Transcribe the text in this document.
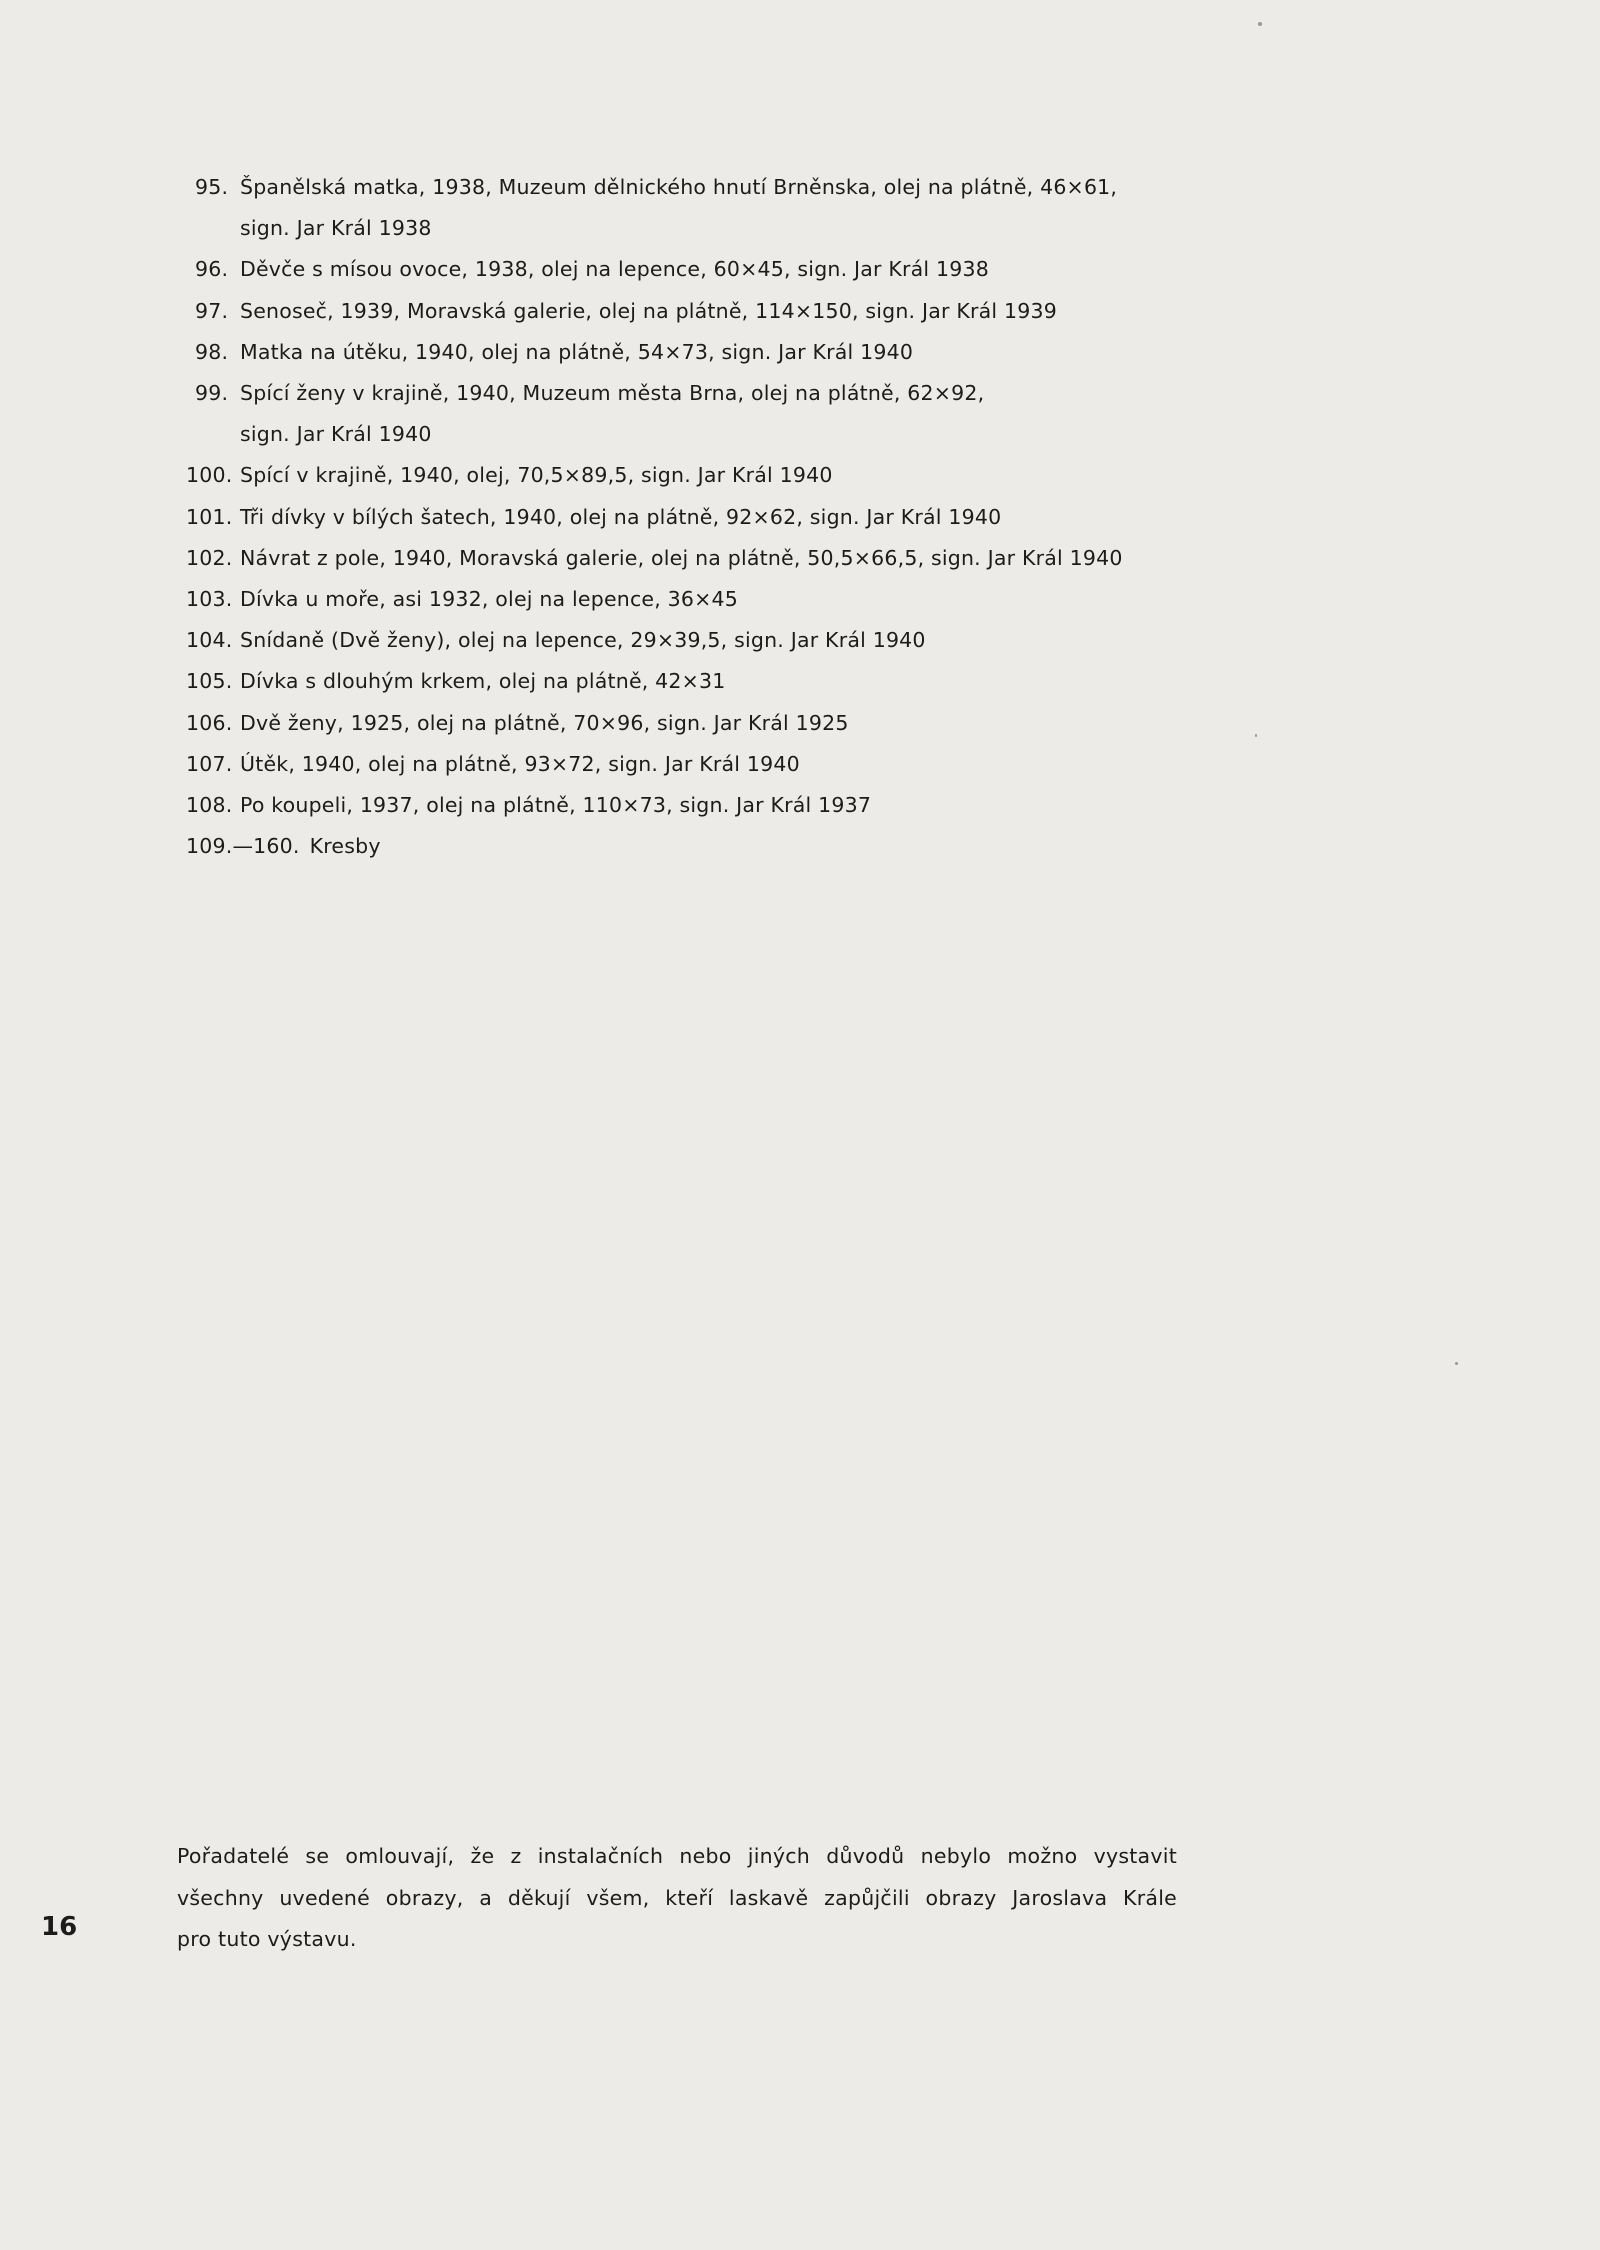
95. Španělská matka, 1938, Muzeum dělnického hnutí Brněnska, olej na plátně, 46×61,
sign. Jar Král 1938
96. Děvče s mísou ovoce, 1938, olej na lepence, 60×45, sign. Jar Král 1938
97. Senoseč, 1939, Moravská galerie, olej na plátně, 114×150, sign. Jar Král 1939
98. Matka na útěku, 1940, olej na plátně, 54×73, sign. Jar Král 1940
99. Spící ženy v krajině, 1940, Muzeum města Brna, olej na plátně, 62×92,
sign. Jar Král 1940
100. Spící v krajině, 1940, olej, 70,5×89,5, sign. Jar Král 1940
101. Tři dívky v bílých šatech, 1940, olej na plátně, 92×62, sign. Jar Král 1940
102. Návrat z pole, 1940, Moravská galerie, olej na plátně, 50,5×66,5, sign. Jar Král 1940
103. Dívka u moře, asi 1932, olej na lepence, 36×45
104. Snídaně (Dvě ženy), olej na lepence, 29×39,5, sign. Jar Král 1940
105. Dívka s dlouhým krkem, olej na plátně, 42×31
106. Dvě ženy, 1925, olej na plátně, 70×96, sign. Jar Král 1925
107. Útěk, 1940, olej na plátně, 93×72, sign. Jar Král 1940
108. Po koupeli, 1937, olej na plátně, 110×73, sign. Jar Král 1937
109.—160. Kresby
Pořadatelé se omlouvají, že z instalačních nebo jiných důvodů nebylo možno vystavit
všechny uvedené obrazy, a děkují všem, kteří laskavě zapůjčili obrazy Jaroslava Krále
pro tuto výstavu.
16
